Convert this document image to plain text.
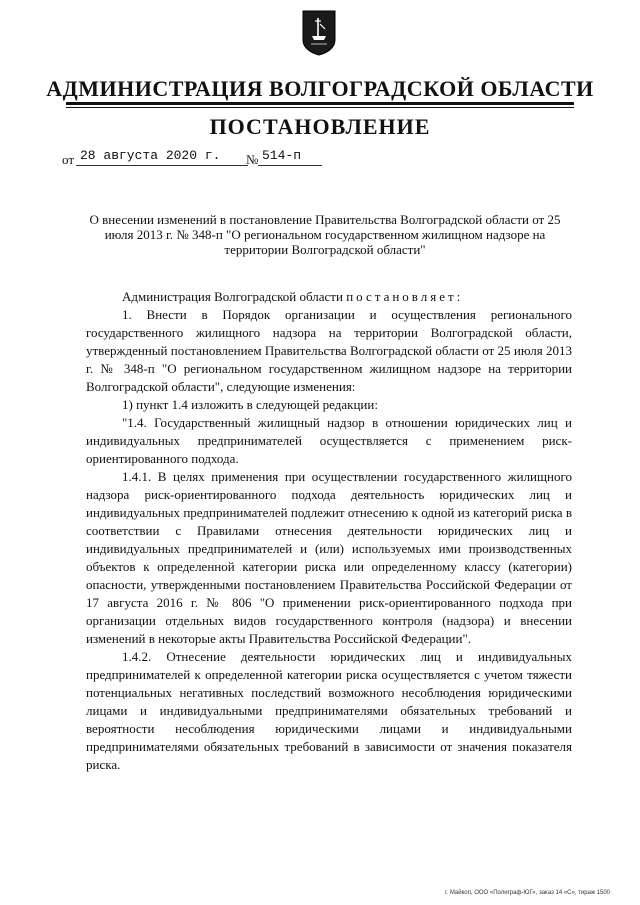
АДМИНИСТРАЦИЯ ВОЛГОГРАДСКОЙ ОБЛАСТИ
ПОСТАНОВЛЕНИЕ
от 28 августа 2020 г. № 514-п
О внесении изменений в постановление Правительства Волгоградской области от 25 июля 2013 г. № 348-п "О региональном государственном жилищном надзоре на территории Волгоградской области"

Администрация Волгоградской области постановляет:

1. Внести в Порядок организации и осуществления регионального государственного жилищного надзора на территории Волгоградской области, утвержденный постановлением Правительства Волгоградской области от 25 июля 2013 г. № 348-п "О региональном государственном жилищном надзоре на территории Волгоградской области", следующие изменения:

1) пункт 1.4 изложить в следующей редакции:

"1.4. Государственный жилищный надзор в отношении юридических лиц и индивидуальных предпринимателей осуществляется с применением риск-ориентированного подхода.

1.4.1. В целях применения при осуществлении государственного жилищного надзора риск-ориентированного подхода деятельность юридических лиц и индивидуальных предпринимателей подлежит отнесению к одной из категорий риска в соответствии с Правилами отнесения деятельности юридических лиц и индивидуальных предпринимателей и (или) используемых ими производственных объектов к определенной категории риска или определенному классу (категории) опасности, утвержденными постановлением Правительства Российской Федерации от 17 августа 2016 г. № 806 "О применении риск-ориентированного подхода при организации отдельных видов государственного контроля (надзора) и внесении изменений в некоторые акты Правительства Российской Федерации".

1.4.2. Отнесение деятельности юридических лиц и индивидуальных предпринимателей к определенной категории риска осуществляется с учетом тяжести потенциальных негативных последствий возможного несоблюдения юридическими лицами и индивидуальными предпринимателями обязательных требований и вероятности несоблюдения юридическими лицами и индивидуальными предпринимателями обязательных требований в зависимости от значения показателя риска.

г. Майкоп, ООО «Полиграф-ЮГ», заказ 14 «С», тираж 1500
